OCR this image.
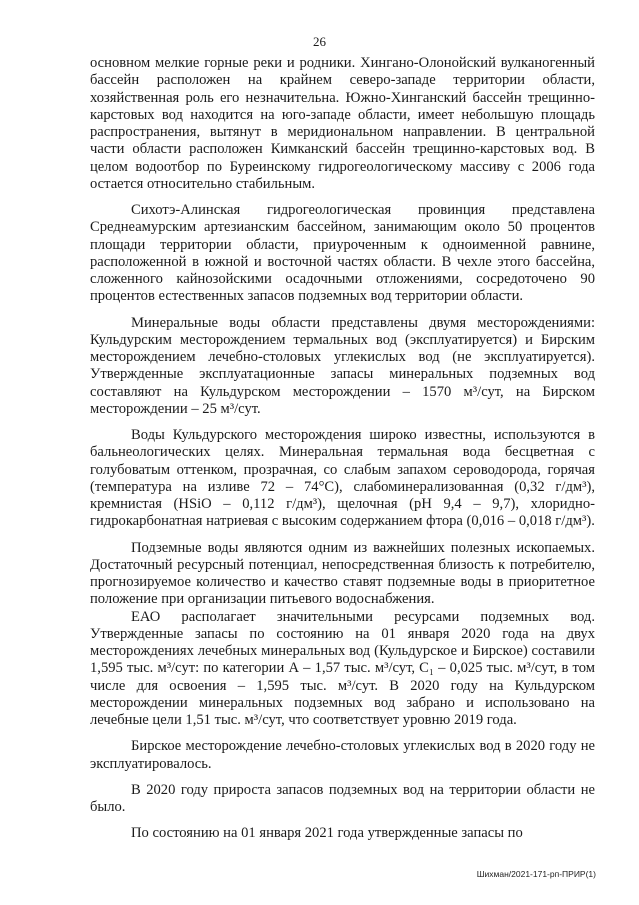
26

основном мелкие горные реки и родники. Хингано-Олонойский вулканогенный бассейн расположен на крайнем северо-западе территории области, хозяйственная роль его незначительна. Южно-Хинганский бассейн трещинно-карстовых вод находится на юго-западе области, имеет небольшую площадь распространения, вытянут в меридиональном направлении. В центральной части области расположен Кимканский бассейн трещинно-карстовых вод. В целом водоотбор по Буреинскому гидрогеологическому массиву с 2006 года остается относительно стабильным.

Сихотэ-Алинская гидрогеологическая провинция представлена Среднеамурским артезианским бассейном, занимающим около 50 процентов площади территории области, приуроченным к одноименной равнине, расположенной в южной и восточной частях области. В чехле этого бассейна, сложенного кайнозойскими осадочными отложениями, сосредоточено 90 процентов естественных запасов подземных вод территории области.

Минеральные воды области представлены двумя месторождениями: Кульдурским месторождением термальных вод (эксплуатируется) и Бирским месторождением лечебно-столовых углекислых вод (не эксплуатируется). Утвержденные эксплуатационные запасы минеральных подземных вод составляют на Кульдурском месторождении – 1570 м³/сут, на Бирском месторождении – 25 м³/сут.

Воды Кульдурского месторождения широко известны, используются в бальнеологических целях. Минеральная термальная вода бесцветная с голубоватым оттенком, прозрачная, со слабым запахом сероводорода, горячая (температура на изливе 72 – 74°С), слабоминерализованная (0,32 г/дм³), кремнистая (HSiO – 0,112 г/дм³), щелочная (рН 9,4 – 9,7), хлоридно-гидрокарбонатная натриевая с высоким содержанием фтора (0,016 – 0,018 г/дм³).

Подземные воды являются одним из важнейших полезных ископаемых. Достаточный ресурсный потенциал, непосредственная близость к потребителю, прогнозируемое количество и качество ставят подземные воды в приоритетное положение при организации питьевого водоснабжения.

ЕАО располагает значительными ресурсами подземных вод. Утвержденные запасы по состоянию на 01 января 2020 года на двух месторождениях лечебных минеральных вод (Кульдурское и Бирское) составили 1,595 тыс. м³/сут: по категории А – 1,57 тыс. м³/сут, С₁ – 0,025 тыс. м³/сут, в том числе для освоения – 1,595 тыс. м³/сут. В 2020 году на Кульдурском месторождении минеральных подземных вод забрано и использовано на лечебные цели 1,51 тыс. м³/сут, что соответствует уровню 2019 года.

Бирское месторождение лечебно-столовых углекислых вод в 2020 году не эксплуатировалось.

В 2020 году прироста запасов подземных вод на территории области не было.

По состоянию на 01 января 2021 года утвержденные запасы по

Шихман/2021-171-рп-ПРИР(1)
